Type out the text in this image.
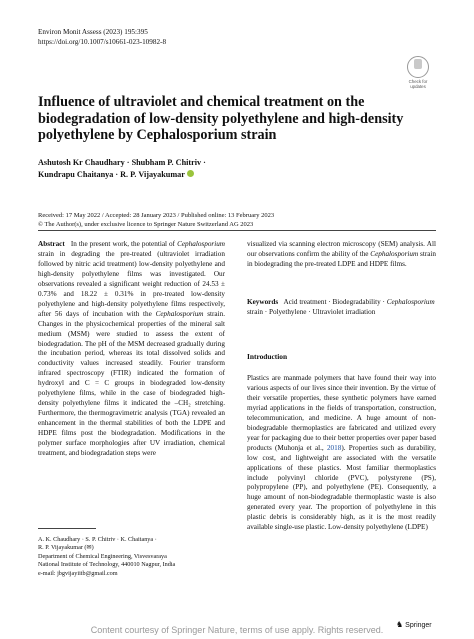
Environ Monit Assess (2023) 195:395
https://doi.org/10.1007/s10661-023-10982-8
Check for
updates
Influence of ultraviolet and chemical treatment on the biodegradation of low-density polyethylene and high-density polyethylene by Cephalosporium strain
Ashutosh Kr Chaudhary · Shubham P. Chitriv ·
Kundrapu Chaitanya · R. P. Vijayakumar
Received: 17 May 2022 / Accepted: 28 January 2023 / Published online: 13 February 2023
© The Author(s), under exclusive licence to Springer Nature Switzerland AG 2023

Abstract In the present work, the potential of Cephalosporium strain in degrading the pre-treated (ultraviolet irradiation followed by nitric acid treatment) low-density polyethylene and high-density polyethylene films was investigated. Our observations revealed a significant weight reduction of 24.53 ± 0.73% and 18.22 ± 0.31% in pre-treated low-density polyethylene and high-density polyethylene films respectively, after 56 days of incubation with the Cephalosporium strain. Changes in the physicochemical properties of the mineral salt medium (MSM) were studied to assess the extent of biodegradation. The pH of the MSM decreased gradually during the incubation period, whereas its total dissolved solids and conductivity values increased steadily. Fourier transform infrared spectroscopy (FTIR) indicated the formation of hydroxyl and C = C groups in biodegraded low-density polyethylene films, while in the case of biodegraded high-density polyethylene films it indicated the –CH₂ stretching. Furthermore, the thermogravimetric analysis (TGA) revealed an enhancement in the thermal stabilities of both the LDPE and HDPE films post the biodegradation. Modifications in the polymer surface morphologies after UV irradiation, chemical treatment, and biodegradation steps were

visualized via scanning electron microscopy (SEM) analysis. All our observations confirm the ability of the Cephalosporium strain in biodegrading the pre-treated LDPE and HDPE films.

Keywords Acid treatment · Biodegradability · Cephalosporium strain · Polyethylene · Ultraviolet irradiation
Introduction

Plastics are manmade polymers that have found their way into various aspects of our lives since their invention. By the virtue of their versatile properties, these synthetic polymers have earned myriad applications in the fields of transportation, construction, telecommunication, and medicine. A huge amount of non-biodegradable thermoplastics are fabricated and utilized every year for packaging due to their better properties over paper based products (Muhonja et al., 2018). Properties such as durability, low cost, and lightweight are associated with the versatile applications of these plastics. Most familiar thermoplastics include polyvinyl chloride (PVC), polystyrene (PS), polypropylene (PP), and polyethylene (PE). Consequently, a huge amount of non-biodegradable thermoplastic waste is also generated every year. The proportion of polyethylene in this plastic debris is considerably high, as it is the most readily available single-use plastic. Low-density polyethylene (LDPE)

A. K. Chaudhary · S. P. Chitriv · K. Chaitanya ·
R. P. Vijayakumar (✉)
Department of Chemical Engineering, Visvesvaraya
National Institute of Technology, 440010 Nagpur, India
e-mail: jbgvijayiitb@gmail.com
♞ Springer
Content courtesy of Springer Nature, terms of use apply. Rights reserved.
